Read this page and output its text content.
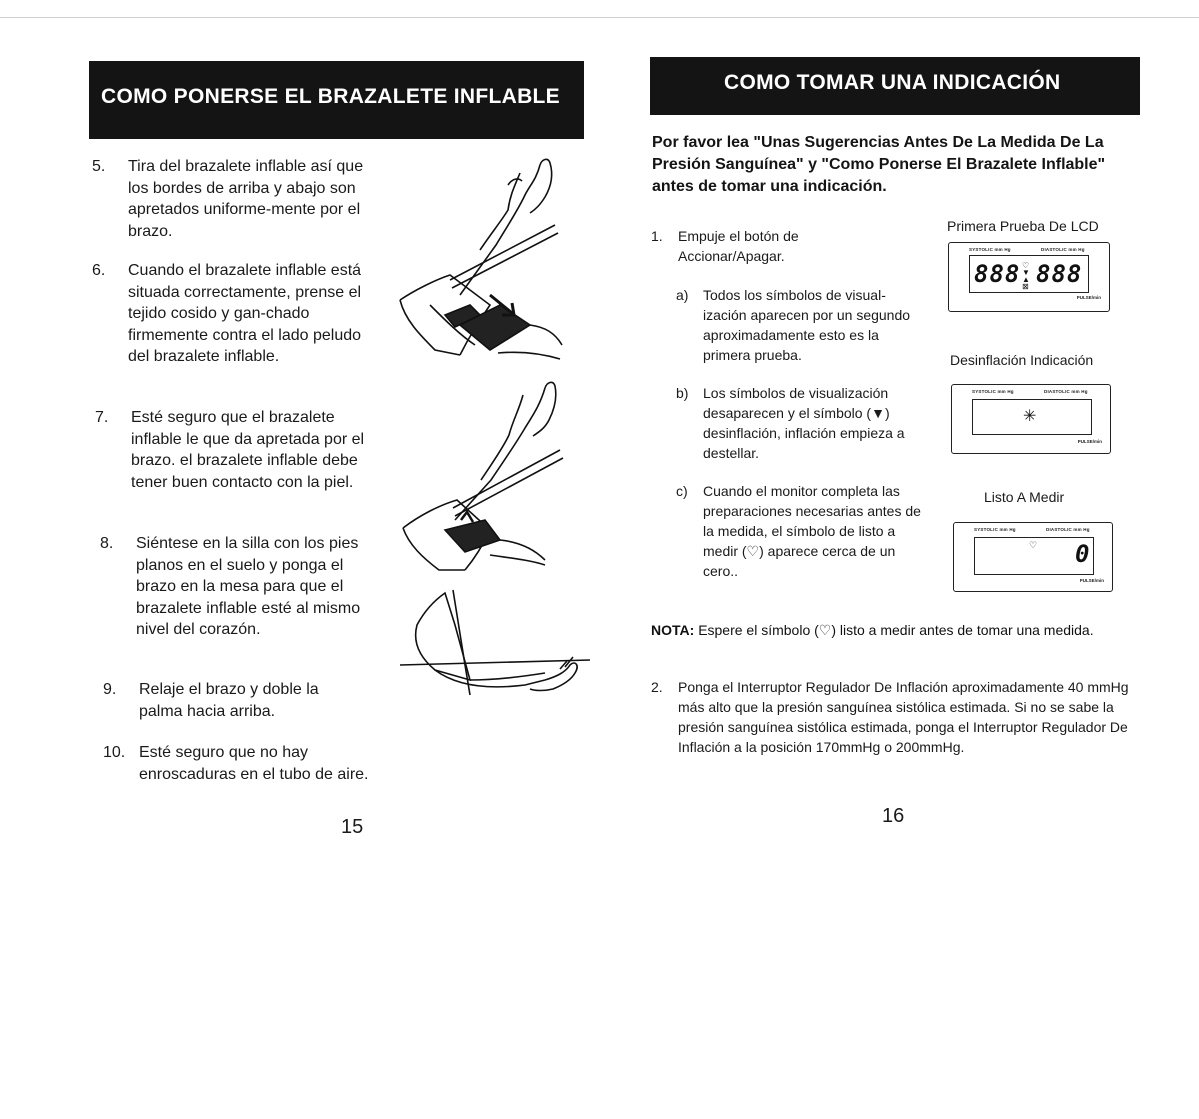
COMO PONERSE EL BRAZALETE INFLABLE
5. Tira del brazalete inflable así que los bordes de arriba y abajo son apretados uniforme-mente por el brazo.
6. Cuando el brazalete inflable está situada correctamente, prense el tejido cosido y gan-chado firmemente contra el lado peludo del brazalete inflable.
7. Esté seguro que el brazalete inflable le que da apretada por el brazo. el brazalete inflable debe tener buen contacto con la piel.
8. Siéntese en la silla con los pies planos en el suelo y ponga el brazo en la mesa para que el brazalete inflable esté al mismo nivel del corazón.
9. Relaje el brazo y doble la palma hacia arriba.
10. Esté seguro que no hay enroscaduras en el tubo de aire.
15
COMO TOMAR UNA INDICACIÓN
Por favor lea "Unas Sugerencias Antes De La Medida De La Presión Sanguínea" y "Como Ponerse El Brazalete Inflable" antes de tomar una indicación.
1. Empuje el botón de Accionar/Apagar.
a) Todos los símbolos de visual-ización aparecen por un segundo aproximadamente esto es la primera prueba.
b) Los símbolos de visualización desaparecen y el símbolo (▼) desinflación, inflación empieza a destellar.
c) Cuando el monitor completa las preparaciones necesarias antes de la medida, el símbolo de listo a medir (♡) aparece cerca de un cero..
Primera Prueba De LCD
SYSTOLIC mm Hg	DIASTOLIC mm Hg
888 ♡
▼
▲
⊠ 888
PULSE/min
Desinflación Indicación
SYSTOLIC mm Hg	DIASTOLIC mm Hg
✳
PULSE/min
Listo A Medir
SYSTOLIC mm Hg	DIASTOLIC mm Hg
♡ 0
PULSE/min
NOTA: Espere el símbolo (♡) listo a medir antes de tomar una medida.
2. Ponga el Interruptor Regulador De Inflación aproximadamente 40 mmHg más alto que la presión sanguínea sistólica estimada. Si no se sabe la presión sanguínea sistólica estimada, ponga el Interruptor Regulador De Inflación a la posición 170mmHg o 200mmHg.
16
